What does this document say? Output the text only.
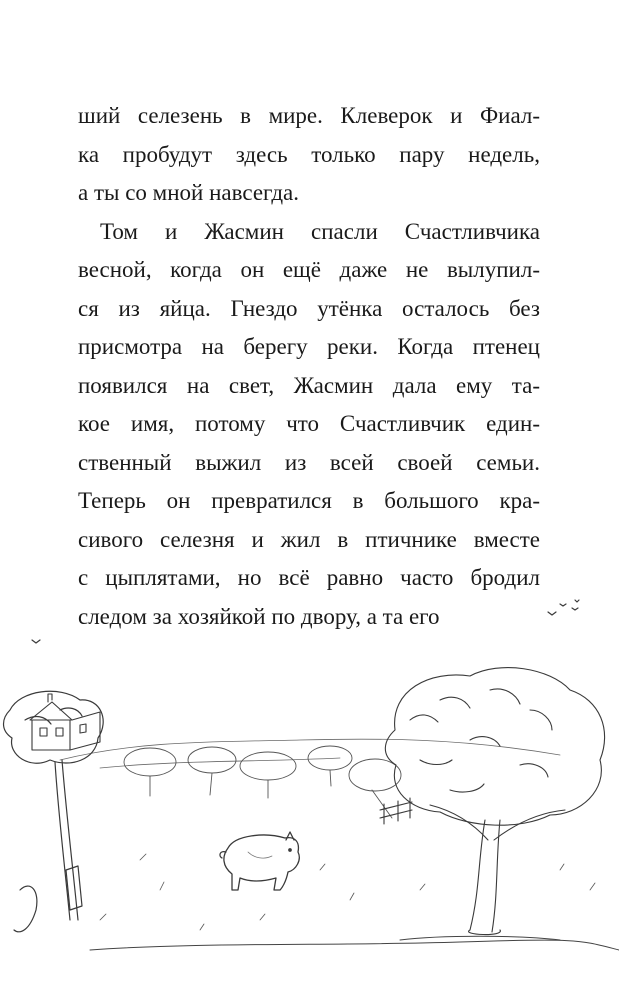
ший селезень в мире. Клеверок и Фиал-
ка пробудут здесь только пару недель,
а ты со мной навсегда.
Том и Жасмин спасли Счастливчика
весной, когда он ещё даже не вылупил-
ся из яйца. Гнездо утёнка осталось без
присмотра на берегу реки. Когда птенец
появился на свет, Жасмин дала ему та-
кое имя, потому что Счастливчик един-
ственный выжил из всей своей семьи.
Теперь он превратился в большого кра-
сивого селезня и жил в птичнике вместе
с цыплятами, но всё равно часто бродил
следом за хозяйкой по двору, а та его
